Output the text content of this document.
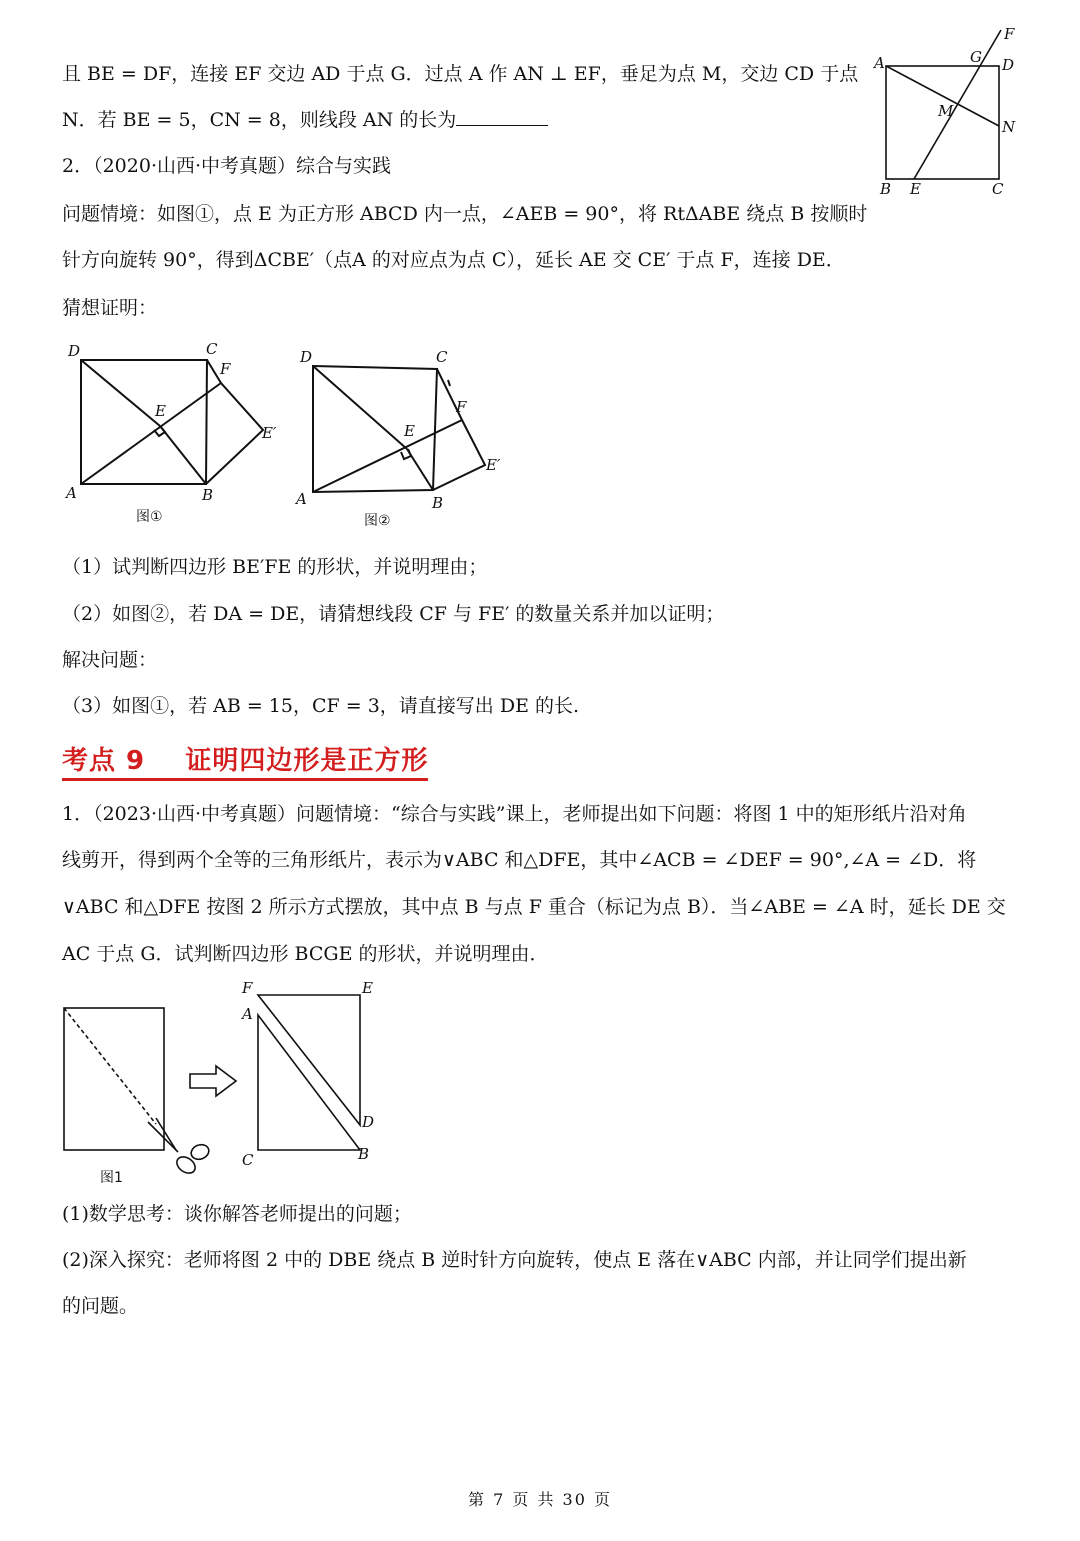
且 BE = DF，连接 EF 交边 AD 于点 G．过点 A 作 AN ⊥ EF，垂足为点 M，交边 CD 于点
N．若 BE = 5，CN = 8，则线段 AN 的长为
A
B	C
D
E
F
G
M
N
2．（2020·山西·中考真题）综合与实践
问题情境：如图①，点 E 为正方形 ABCD 内一点，∠AEB = 90°，将 RtΔABE 绕点 B 按顺时
针方向旋转 90°，得到ΔCBE′（点A 的对应点为点 C），延长 AE 交 CE′ 于点 F，连接 DE．
猜想证明：
D	C
F
E
E′
A	B
图①
D	C
F
E
E′
A	B
图②
（1）试判断四边形 BE′FE 的形状，并说明理由；
（2）如图②，若 DA = DE，请猜想线段 CF 与 FE′ 的数量关系并加以证明；
解决问题：
（3）如图①，若 AB = 15，CF = 3，请直接写出 DE 的长.
考点 9    证明四边形是正方形
1．（2023·山西·中考真题）问题情境：“综合与实践”课上，老师提出如下问题：将图 1 中的矩形纸片沿对角
线剪开，得到两个全等的三角形纸片，表示为∨ABC 和△DFE，其中∠ACB = ∠DEF = 90°,∠A = ∠D．将
∨ABC 和△DFE 按图 2 所示方式摆放，其中点 B 与点 F 重合（标记为点 B）．当∠ABE = ∠A 时，延长 DE 交
AC 于点 G．试判断四边形 BCGE 的形状，并说明理由．
图1
F	E
A
D
C	B
(1)数学思考：谈你解答老师提出的问题；
(2)深入探究：老师将图 2 中的 DBE 绕点 B 逆时针方向旋转，使点 E 落在∨ABC 内部，并让同学们提出新
的问题。
第 7 页 共 30 页
